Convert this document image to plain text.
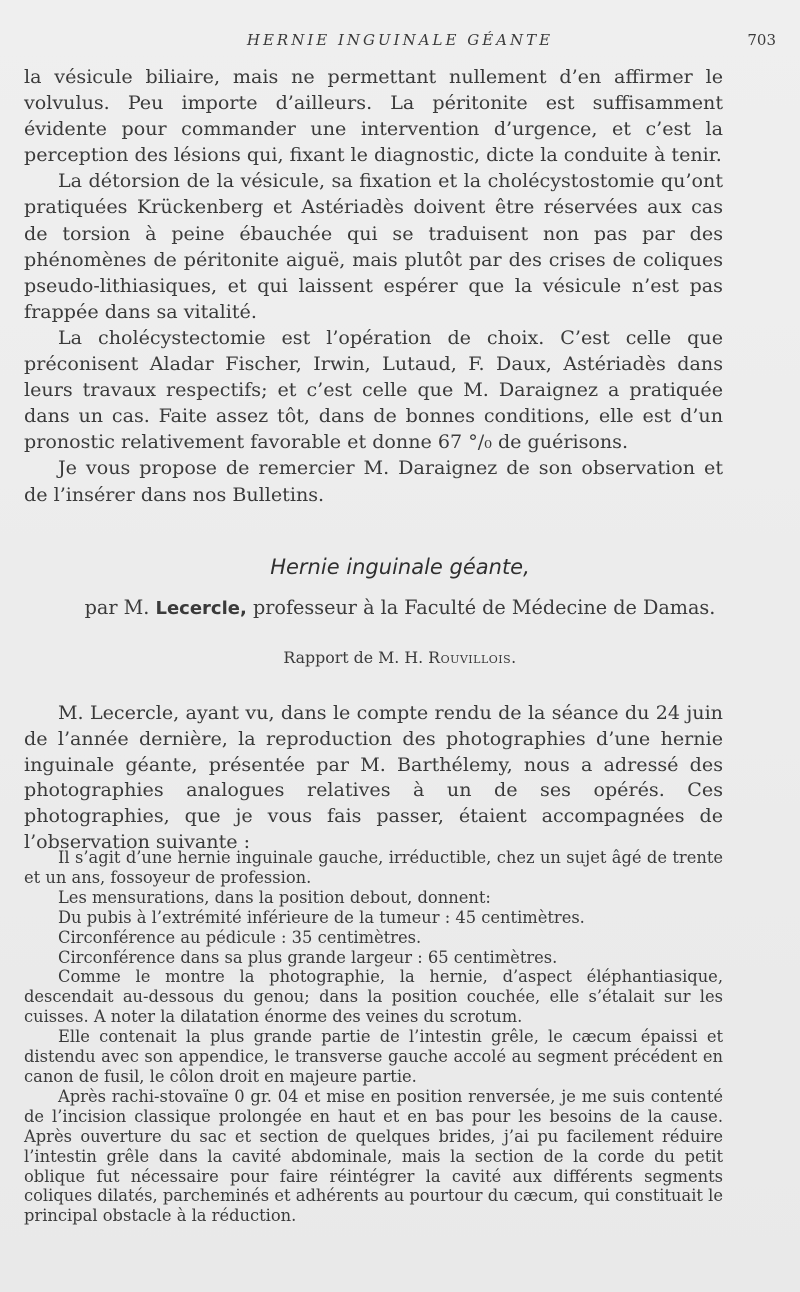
HERNIE INGUINALE GÉANTE	703

la vésicule biliaire, mais ne permettant nullement d’en affirmer le volvulus. Peu importe d’ailleurs. La péritonite est suffisamment évidente pour commander une intervention d’urgence, et c’est la perception des lésions qui, fixant le diagnostic, dicte la conduite à tenir.

La détorsion de la vésicule, sa fixation et la cholécystostomie qu’ont pratiquées Krückenberg et Astériadès doivent être réservées aux cas de torsion à peine ébauchée qui se traduisent non pas par des phénomènes de péritonite aiguë, mais plutôt par des crises de coliques pseudo-lithiasiques, et qui laissent espérer que la vésicule n’est pas frappée dans sa vitalité.

La cholécystectomie est l’opération de choix. C’est celle que préconisent Aladar Fischer, Irwin, Lutaud, F. Daux, Astériadès dans leurs travaux respectifs; et c’est celle que M. Daraignez a pratiquée dans un cas. Faite assez tôt, dans de bonnes conditions, elle est d’un pronostic relativement favorable et donne 67 °/₀ de guérisons.

Je vous propose de remercier M. Daraignez de son observation et de l’insérer dans nos Bulletins.

Hernie inguinale géante,
par M. Lecercle, professeur à la Faculté de Médecine de Damas.
Rapport de M. H. Rouvillois.

M. Lecercle, ayant vu, dans le compte rendu de la séance du 24 juin de l’année dernière, la reproduction des photographies d’une hernie inguinale géante, présentée par M. Barthélemy, nous a adressé des photographies analogues relatives à un de ses opérés. Ces photographies, que je vous fais passer, étaient accompagnées de l’observation suivante :

Il s’agit d’une hernie inguinale gauche, irréductible, chez un sujet âgé de trente et un ans, fossoyeur de profession.

Les mensurations, dans la position debout, donnent:

Du pubis à l’extrémité inférieure de la tumeur : 45 centimètres.

Circonférence au pédicule : 35 centimètres.

Circonférence dans sa plus grande largeur : 65 centimètres.

Comme le montre la photographie, la hernie, d’aspect éléphantiasique, descendait au-dessous du genou; dans la position couchée, elle s’étalait sur les cuisses. A noter la dilatation énorme des veines du scrotum.

Elle contenait la plus grande partie de l’intestin grêle, le cæcum épaissi et distendu avec son appendice, le transverse gauche accolé au segment précédent en canon de fusil, le côlon droit en majeure partie.

Après rachi-stovaïne 0 gr. 04 et mise en position renversée, je me suis contenté de l’incision classique prolongée en haut et en bas pour les besoins de la cause. Après ouverture du sac et section de quelques brides, j’ai pu facilement réduire l’intestin grêle dans la cavité abdominale, mais la section de la corde du petit oblique fut nécessaire pour faire réintégrer la cavité aux différents segments coliques dilatés, parcheminés et adhérents au pourtour du cæcum, qui constituait le principal obstacle à la réduction.
